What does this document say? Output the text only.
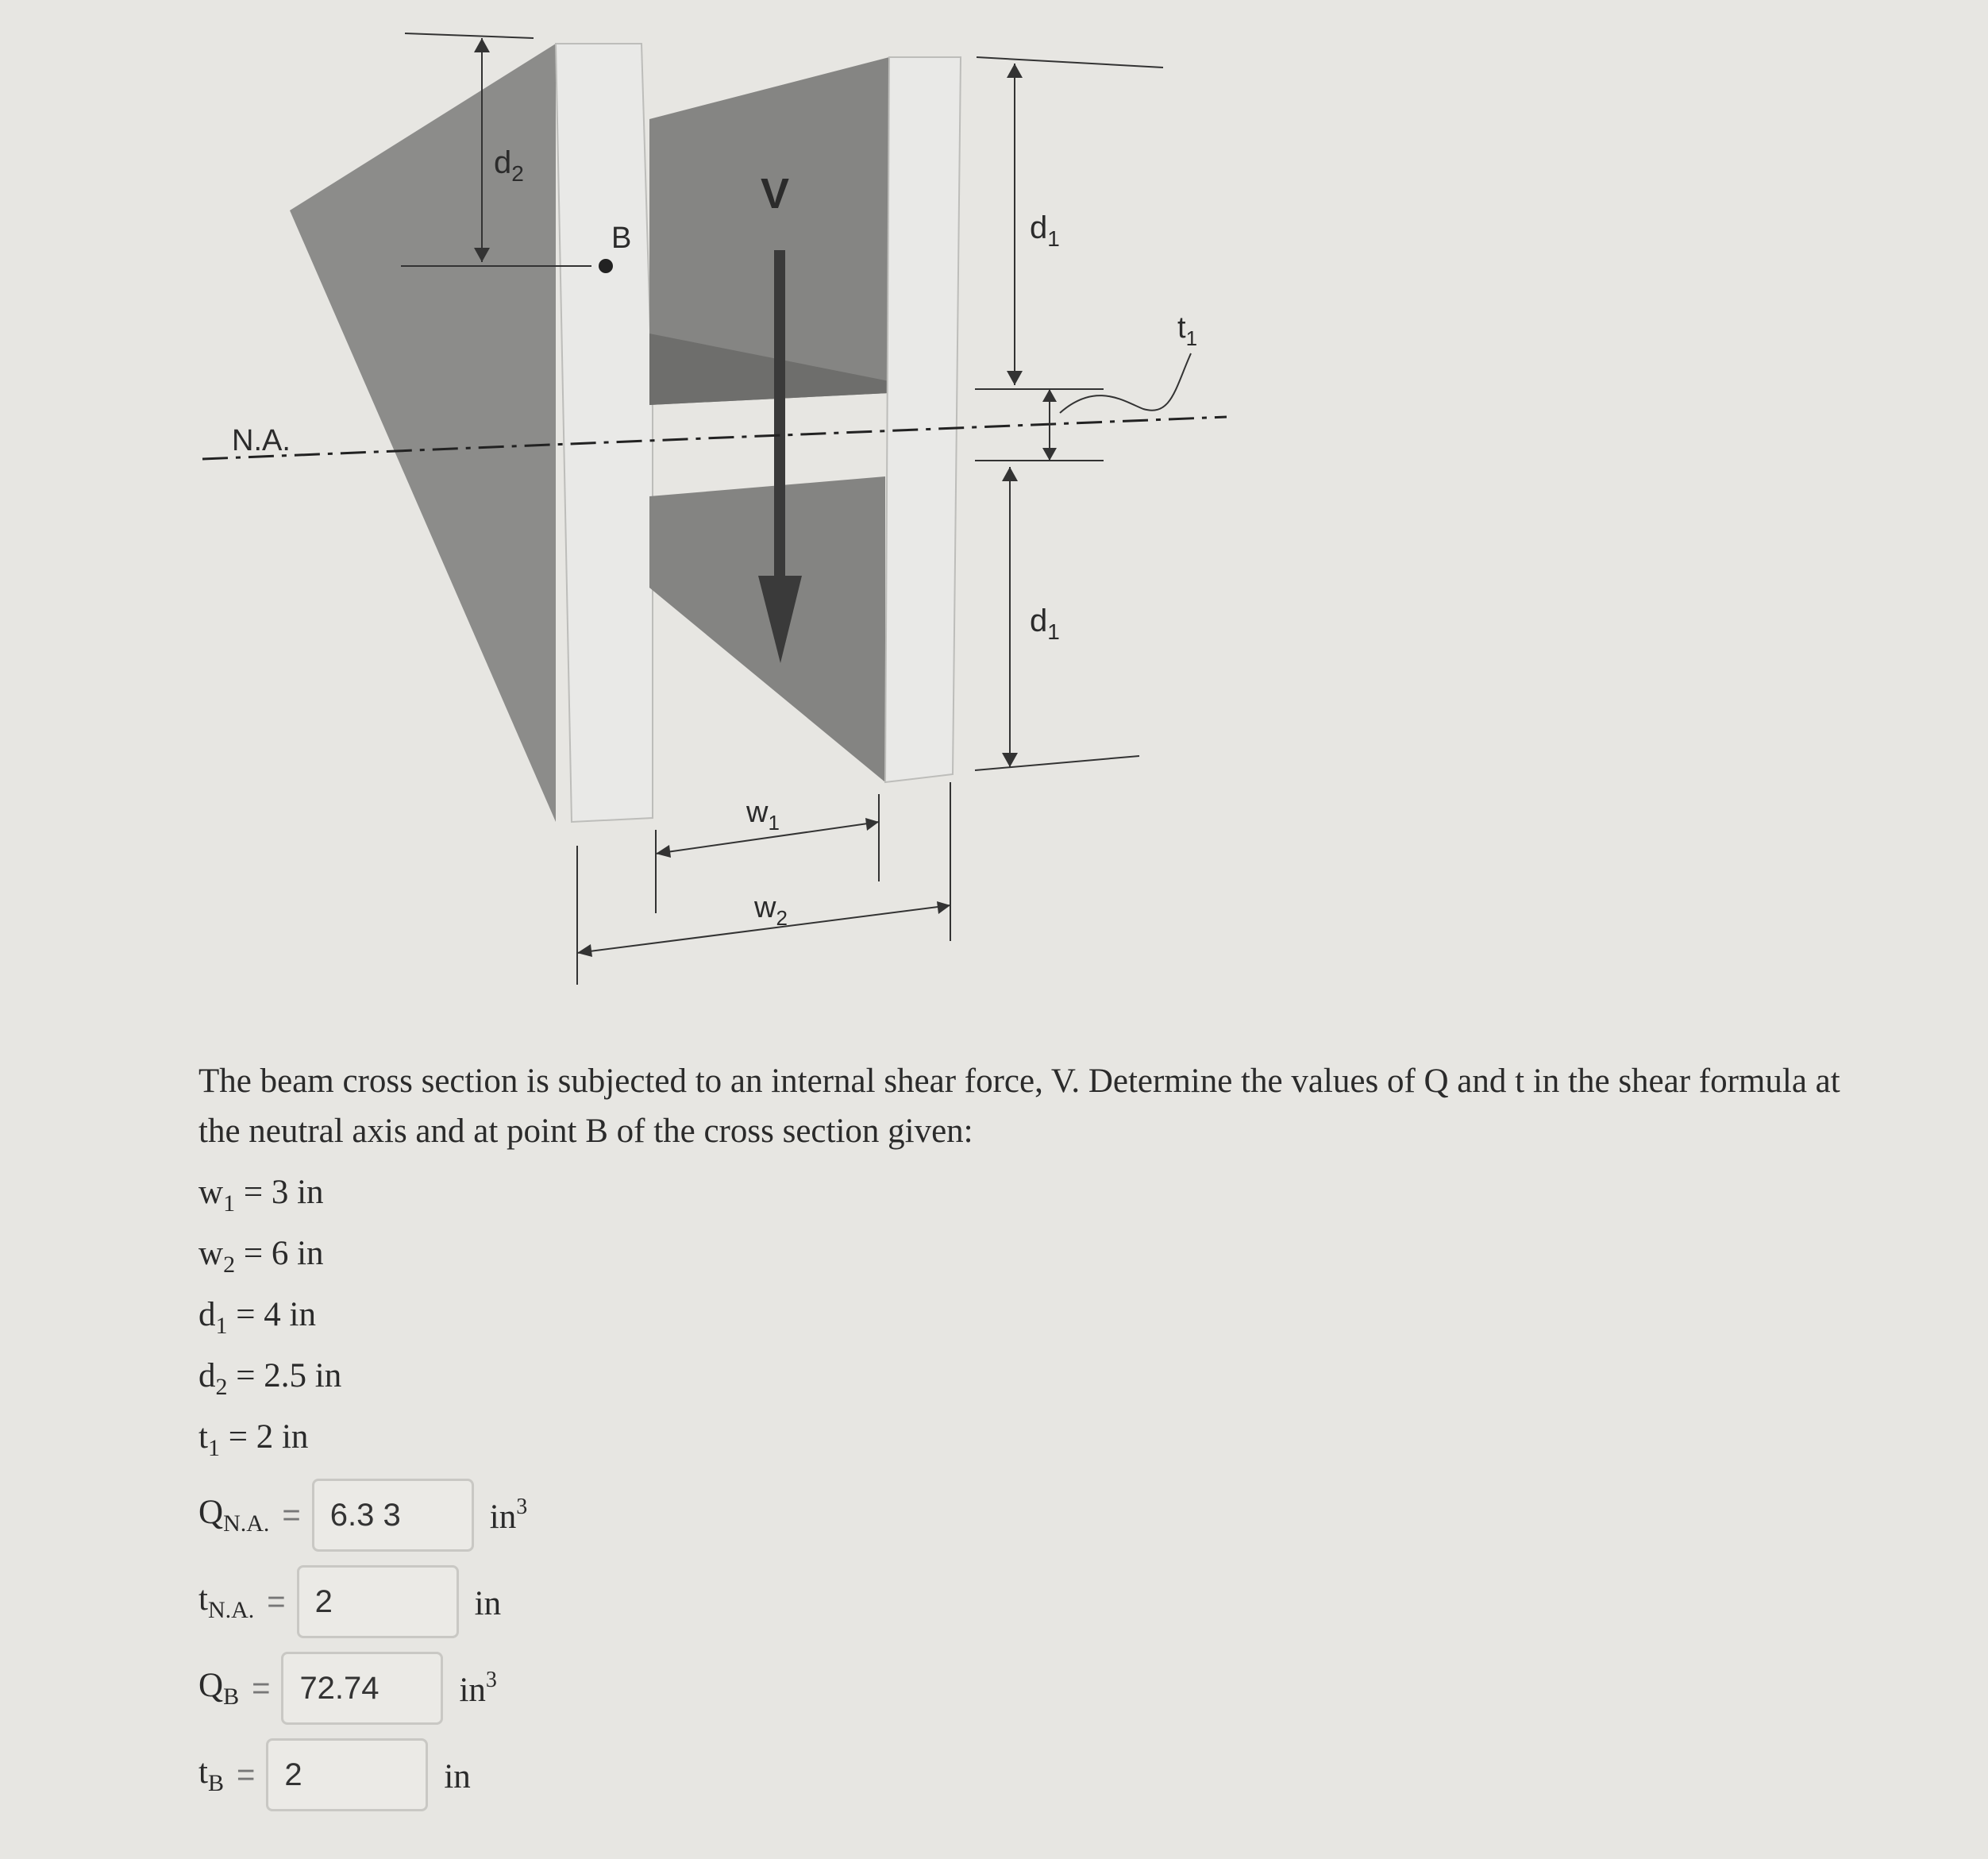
$d_2$
B
V
N.A.
$d_1$
$d_1$
$t_1$
$w_1$
$w_2$
The beam cross section is subjected to an internal shear force, V. Determine the values of Q and t in the shear formula at the neutral axis and at point B of the cross section given:
$w_1 = 3$ in
$w_2 = 6$ in
$d_1 = 4$ in
$d_2 = 2.5$ in
$t_1 = 2$ in
$Q_{N.A.} = 6.3$ 3	$in^3$
$t_{N.A.} = 2$	in
$Q_B = 72.74$	$in^3$
$t_B = 2$	in
